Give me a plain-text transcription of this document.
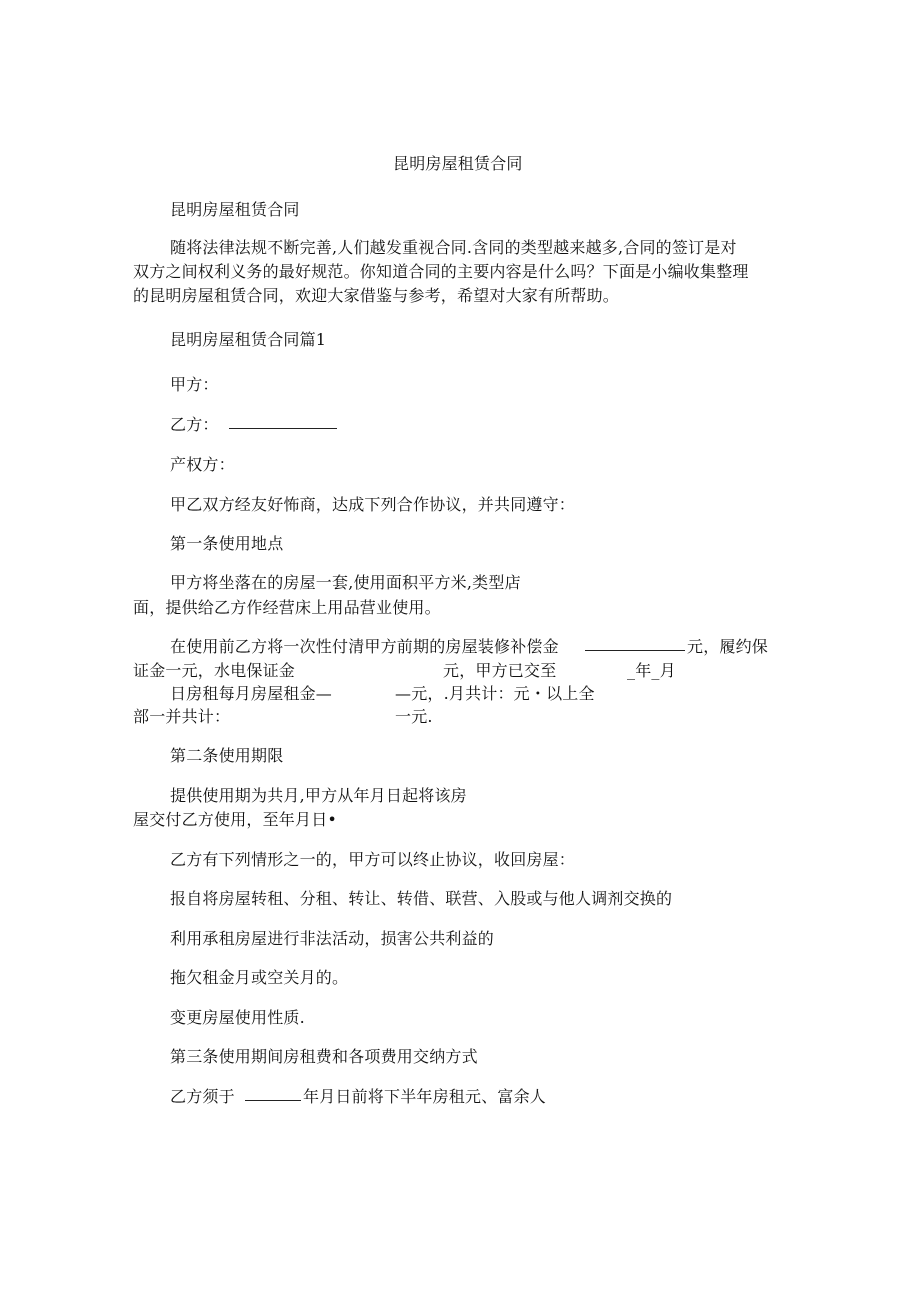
昆明房屋租赁合同
昆明房屋租赁合同
随将法律法规不断完善,人们越发重视合同.含同的类型越来越多,合同的签订是对
双方之间权利义务的最好规范。你知道合同的主要内容是什么吗？下面是小编收集整理
的昆明房屋租赁合同，欢迎大家借鉴与参考，希望对大家有所帮助。
昆明房屋租赁合同篇1
甲方：
乙方：
产权方：
甲乙双方经友好怖商，达成下列合作协议，并共同遵守：
第一条使用地点
甲方将坐落在的房屋一套,使用面积平方米,类型店
面，提供给乙方作经营床上用品营业使用。
在使用前乙方将一次性付清甲方前期的房屋装修补偿金	元，履约保
证金一元，水电保证金	元，甲方已交至	_年_月
日房租每月房屋租金—	—元，.月共计：元・以上全
部一并共计：	一元.
第二条使用期限
提供使用期为共月,甲方从年月日起将该房
屋交付乙方使用，至年月日•
乙方有下列情形之一的，甲方可以终止协议，收回房屋：
报自将房屋转租、分租、转让、转借、联营、入股或与他人调剂交换的
利用承租房屋进行非法活动，损害公共利益的
拖欠租金月或空关月的。
变更房屋使用性质.
第三条使用期间房租费和各项费用交纳方式
乙方须于	年月日前将下半年房租元、富余人
